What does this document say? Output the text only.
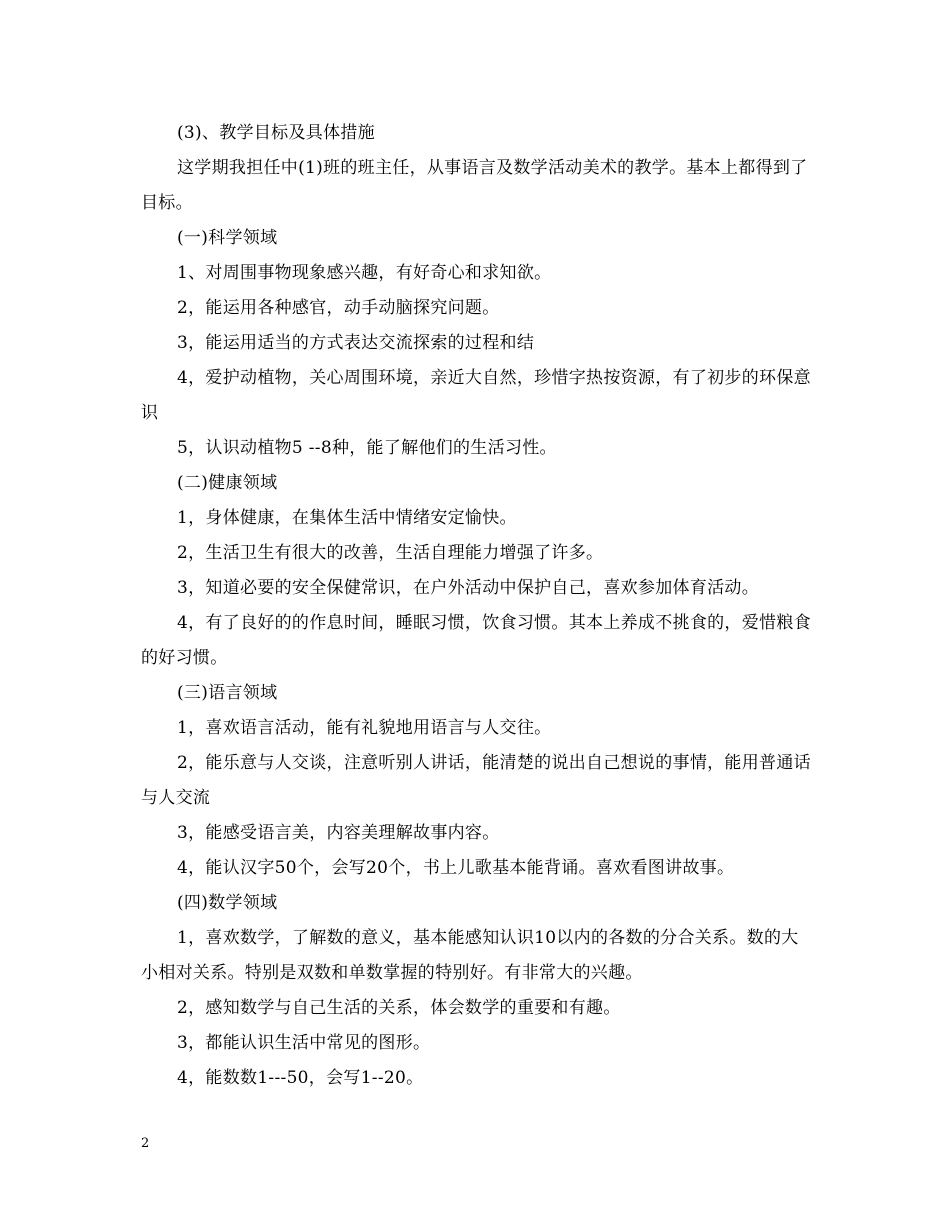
(3)、教学目标及具体措施

这学期我担任中(1)班的班主任，从事语言及数学活动美术的教学。基本上都得到了目标。

(一)科学领域

1、对周围事物现象感兴趣，有好奇心和求知欲。

2，能运用各种感官，动手动脑探究问题。

3，能运用适当的方式表达交流探索的过程和结

4，爱护动植物，关心周围环境，亲近大自然，珍惜字热按资源，有了初步的环保意识

5，认识动植物5 --8种，能了解他们的生活习性。

(二)健康领域

1，身体健康，在集体生活中情绪安定愉快。

2，生活卫生有很大的改善，生活自理能力增强了许多。

3，知道必要的安全保健常识，在户外活动中保护自己，喜欢参加体育活动。

4，有了良好的的作息时间，睡眠习惯，饮食习惯。其本上养成不挑食的，爱惜粮食的好习惯。

(三)语言领域

1，喜欢语言活动，能有礼貌地用语言与人交往。

2，能乐意与人交谈，注意听别人讲话，能清楚的说出自己想说的事情，能用普通话与人交流

3，能感受语言美，内容美理解故事内容。

4，能认汉字50个，会写20个，书上儿歌基本能背诵。喜欢看图讲故事。

(四)数学领域

1，喜欢数学，了解数的意义，基本能感知认识10以内的各数的分合关系。数的大小相对关系。特别是双数和单数掌握的特别好。有非常大的兴趣。

2，感知数学与自己生活的关系，体会数学的重要和有趣。

3，都能认识生活中常见的图形。

4，能数数1---50，会写1--20。

2
